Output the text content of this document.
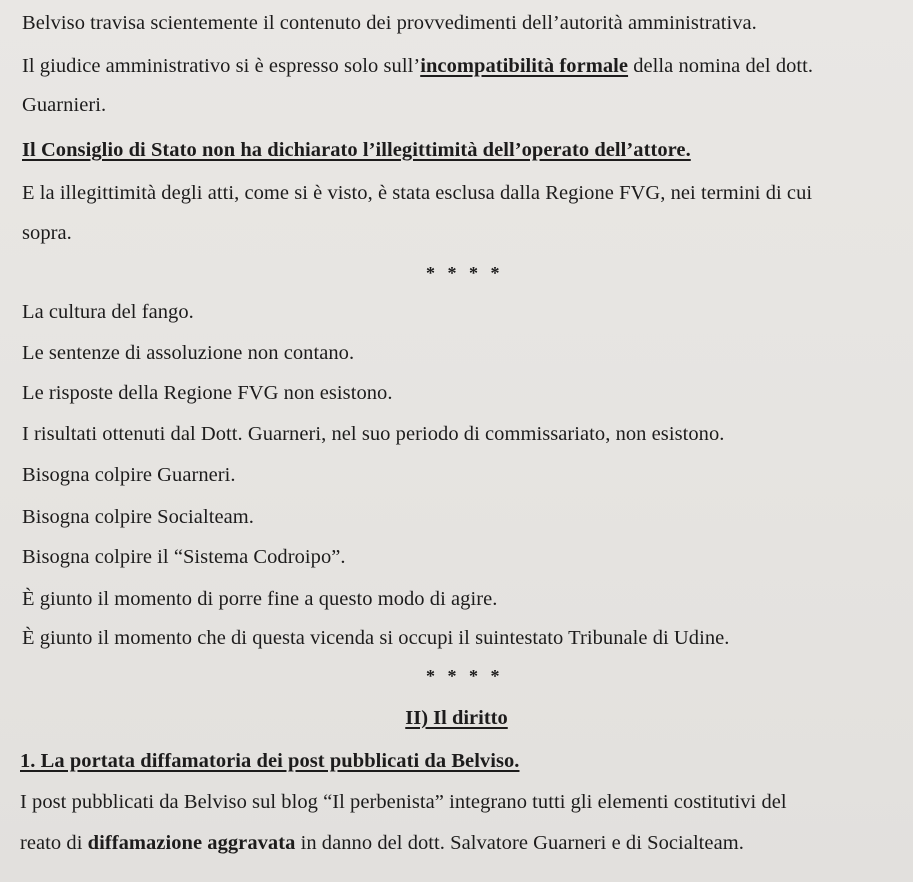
Belviso travisa scientemente il contenuto dei provvedimenti dell’autorità amministrativa.
Il giudice amministrativo si è espresso solo sull’incompatibilità formale della nomina del dott.
Guarnieri.
Il Consiglio di Stato non ha dichiarato l’illegittimità dell’operato dell’attore.
E la illegittimità degli atti, come si è visto, è stata esclusa dalla Regione FVG, nei termini di cui
sopra.
* * * *
La cultura del fango.
Le sentenze di assoluzione non contano.
Le risposte della Regione FVG non esistono.
I risultati ottenuti dal Dott. Guarneri, nel suo periodo di commissariato, non esistono.
Bisogna colpire Guarneri.
Bisogna colpire Socialteam.
Bisogna colpire il “Sistema Codroipo”.
È giunto il momento di porre fine a questo modo di agire.
È giunto il momento che di questa vicenda si occupi il suintestato Tribunale di Udine.
* * * *
II) Il diritto
1. La portata diffamatoria dei post pubblicati da Belviso.
I post pubblicati da Belviso sul blog “Il perbenista” integrano tutti gli elementi costitutivi del
reato di diffamazione aggravata in danno del dott. Salvatore Guarneri e di Socialteam.
